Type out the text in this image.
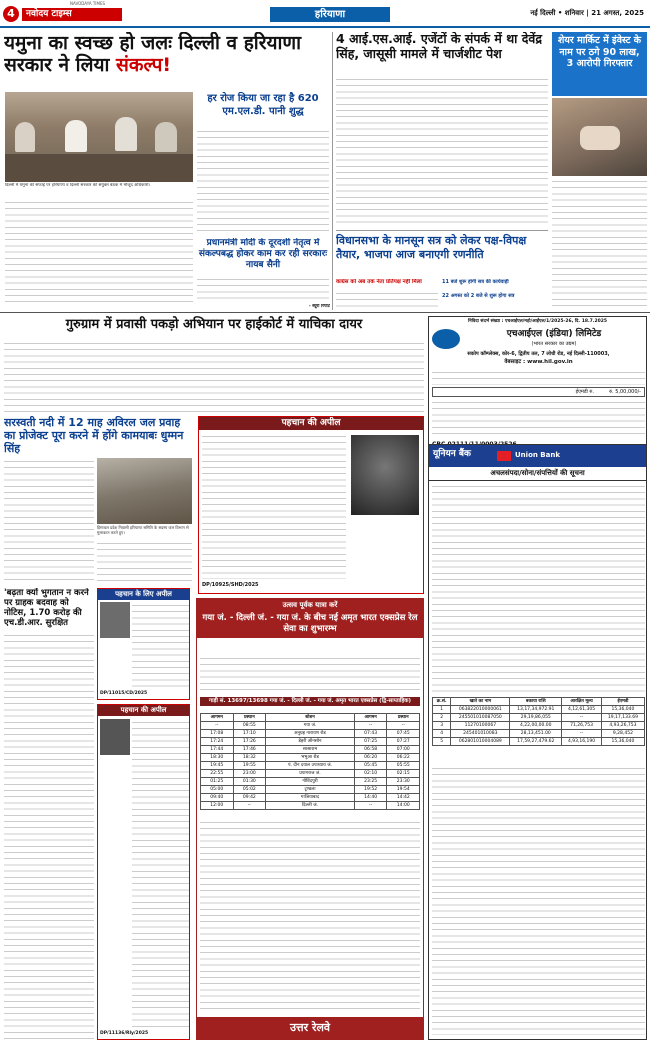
4	नवोदय टाइम्स
NAVODAYA TIMES
हरियाणा	नई दिल्ली • शनिवार | 21 अगस्त, 2025
यमुना का स्वच्छ हो जलः दिल्ली व हरियाणा सरकार ने लिया संकल्प!
दिल्ली में यमुना की सफाई पर हरियाणा व दिल्ली सरकार की संयुक्त बैठक में मौजूद अधिकारी।
हर रोज किया जा रहा है 620 एम.एल.डी. पानी शुद्ध
प्रधानमंत्री मोदी के दूरदर्शी नेतृत्व में संकल्पबद्ध होकर काम कर रही सरकारः नायब सैनी
- ब्यूरो रिपोर्ट
4 आई.एस.आई. एजेंटों के संपर्क में था देवेंद्र सिंह, जासूसी मामले में चार्जशीट पेश
शेयर मार्किट में इंवेस्ट के नाम पर ठगे 90 लाख, 3 आरोपी गिरफ्तार
विधानसभा के मानसून सत्र को लेकर पक्ष-विपक्ष तैयार, भाजपा आज बनाएगी रणनीति
कांग्रेस को अब तक नेता प्रतिपक्ष नहीं मिला	11 बजे शुरू होगी सत्र की कार्यवाही
22 अगस्त को 2 बजे से शुरू होगा सत्र
गुरुग्राम में प्रवासी पकड़ो अभियान पर हाईकोर्ट में याचिका दायर
सरस्वती नदी में 12 माह अविरल जल प्रवाह का प्रोजेक्ट पूरा करने में होंगे कामयाबः धुम्मन सिंह
हिमाचल प्रदेश निवासी हरियाणा समिति के सदस्य जल विभाग से मुलाकात करते हुए।
'बढ़ता क्यों भुगतान न करने पर ग्राहक बदवाह को नोटिस, 1.70 करोड़ की एच.डी.आर. सुरक्षित
पहचान की अपील
DP/10925/SHD/2025
पहचान के लिए अपील
DP/11015/CD/2025
पहचान की अपील
DP/11136/Rly/2025
निविदा संदर्भ संख्या : एचआईएल/महो/आर्ईएल/1/2025-26, दि. 18.7.2025
एचआईएल (इंडिया) लिमिटेड
(भारत सरकार का उद्यम)
सकोप कॉम्प्लेक्स, कोर-6, द्वितीय तल, 7 लोधी रोड, नई दिल्ली-110003,
वेबसाइट : www.hil.gov.in
ईएमडी रु.	रु. 5,00,000/-
यूनियन बैंक	Union Bank
अचलसंपदा/सोना/संपत्तियों की सूचना
क्र.सं.	खाते का नाम	बकाया राशि	आरक्षित मूल्य	ईएमडी
1	063822010000061	13,17,34,972.91	4,12,61,305	15,36,040
2	245501010087050	29,19,86,055	--	19,17,133.69
3	11270100067	4,22,00,00.00	71,26,753	4,93,26,753
4	245401010083	28,13,451.00	--	9,28,452
5	062801010004089	17,59,27,479.62	4,93,16,190	15,36,040
उत्सव पूर्वक यात्रा करें
गया जं. - दिल्ली जं. - गया जं. के बीच नई अमृत भारत एक्सप्रेस रेल सेवा का शुभारम्भ
गाड़ी सं. 13697/13698 गया जं. - दिल्ली जं. - गया जं. अमृत भारत एक्सप्रेस (द्वि-साप्ताहिक)
आगमन	प्रस्थान	स्टेशन	आगमन	प्रस्थान
--	08:55	गया जं.	--	--
17:08	17:10	अनुग्रह नारायण रोड	07:43	07:45
17:24	17:26	डेहरी ऑनसोन	07:25	07:27
17:44	17:46	सासाराम	06:58	07:00
18:30	18:32	भभुआ रोड	06:20	06:22
19:45	19:55	पं. दीन दयाल उपाध्याय जं.	05:45	05:55
22:55	23:00	प्रयागराज जं.	02:10	02:15
01:25	01:30	गोविंदपुरी	23:25	23:30
05:00	05:02	टूण्डला	19:52	19:54
09:40	09:42	गाजियाबाद	14:40	14:42
12:00	--	दिल्ली जं.	--	14:00
उत्तर रेलवे
